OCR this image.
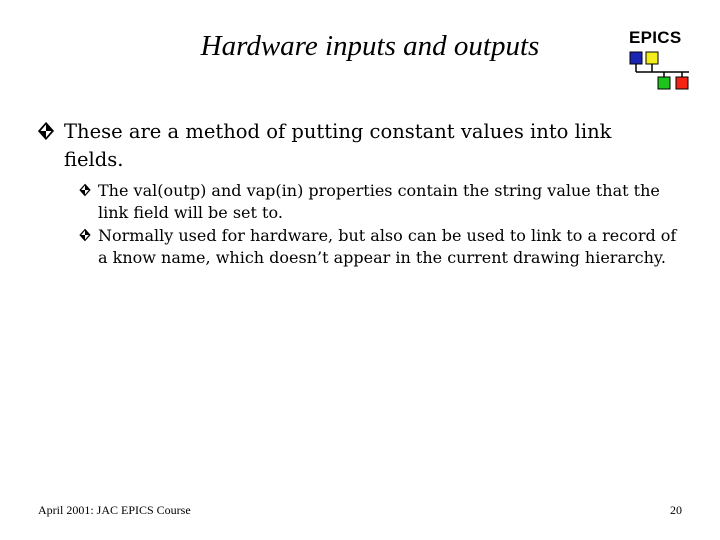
Hardware inputs and outputs	EPICS
These are a method of putting constant values into link fields.
The val(outp) and vap(in) properties contain the string value that the link field will be set to.
Normally used for hardware, but also can be used to link to a record of a know name, which doesn’t appear in the current drawing hierarchy.
April 2001: JAC EPICS Course	20
